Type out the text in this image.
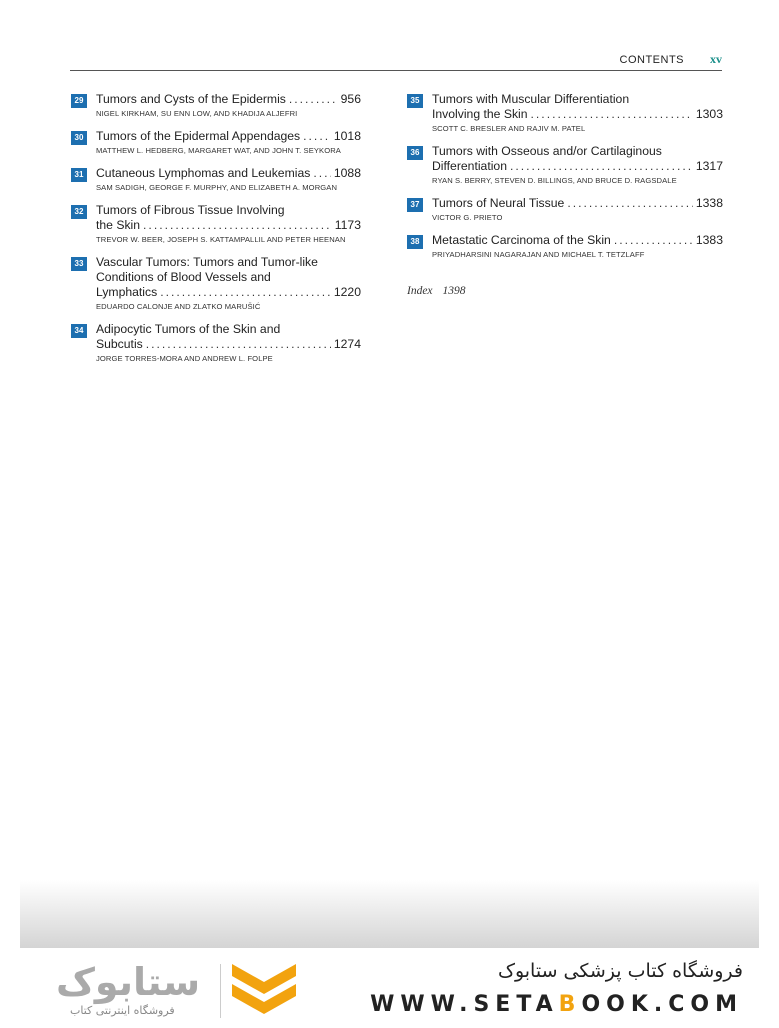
CONTENTS xv
29 Tumors and Cysts of the Epidermis .....	956
NIGEL KIRKHAM, SU ENN LOW, AND KHADIJA ALJEFRI
30 Tumors of the Epidermal Appendages .....	1018
MATTHEW L. HEDBERG, MARGARET WAT, AND JOHN T. SEYKORA
31 Cutaneous Lymphomas and Leukemias ..... 1088
SAM SADIGH, GEORGE F. MURPHY, AND ELIZABETH A. MORGAN
32 Tumors of Fibrous Tissue Involving
the Skin .....	1173
TREVOR W. BEER, JOSEPH S. KATTAMPALLIL AND PETER HEENAN
33 Vascular Tumors: Tumors and Tumor-like
Conditions of Blood Vessels and
Lymphatics .....	1220
EDUARDO CALONJE AND ZLATKO MARUŠIĆ
34 Adipocytic Tumors of the Skin and
Subcutis .....	1274
JORGE TORRES-MORA AND ANDREW L. FOLPE
35 Tumors with Muscular Differentiation
Involving the Skin .....	1303
SCOTT C. BRESLER AND RAJIV M. PATEL
36 Tumors with Osseous and/or Cartilaginous
Differentiation .....	1317
RYAN S. BERRY, STEVEN D. BILLINGS, AND BRUCE D. RAGSDALE
37 Tumors of Neural Tissue .....	1338
VICTOR G. PRIETO
38 Metastatic Carcinoma of the Skin .....	1383
PRIYADHARSINI NAGARAJAN AND MICHAEL T. TETZLAFF
Index 1398
ستابوک
فروشگاه اینترنتی کتاب
فروشگاه کتاب پزشکی ستابوک
WWW.SETABOOK.COM
